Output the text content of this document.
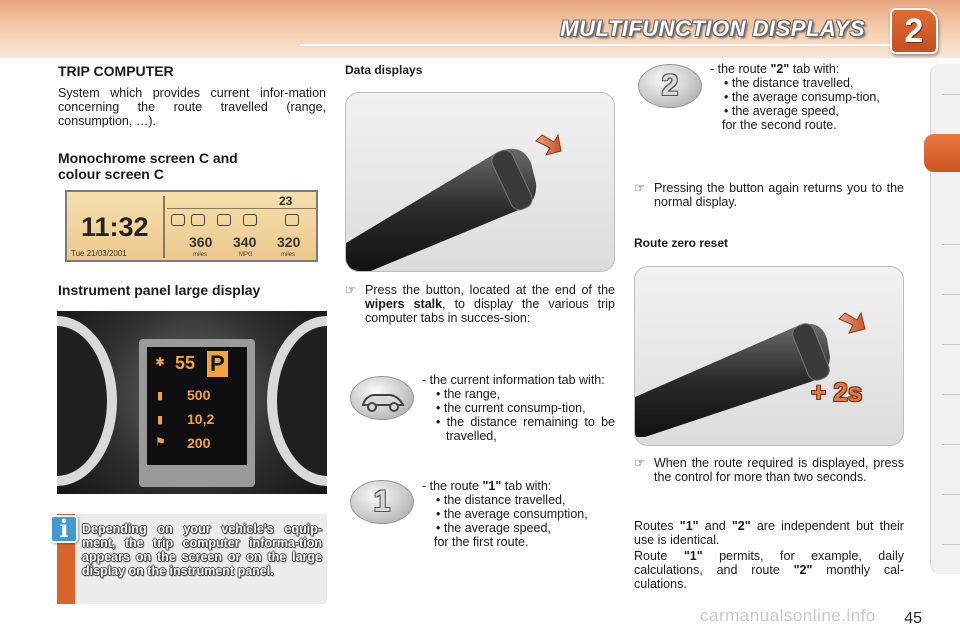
MULTIFUNCTION DISPLAYS	2
TRIP COMPUTER
System which provides current infor-mation concerning the route travelled (range, consumption, …).
Monochrome screen C and
colour screen C
11:32
Tue 21/03/2001
23
360 340 320
miles	MPG	miles
Instrument panel large display
55 P
500
10,2
200
✱
▮
▮
⚑
i	Depending on your vehicle's equip-ment, the trip computer informa-tion appears on the screen or on the large display on the instrument panel.
Data displays
☞ Press the button, located at the end of the wipers stalk, to display the various trip computer tabs in succes-sion:
- the current information tab with:
• the range,
• the current consump-tion,
• the distance remaining to be travelled,
1	- the route "1" tab with:
• the distance travelled,
• the average consumption,
• the average speed,
for the first route.
2	- the route "2" tab with:
• the distance travelled,
• the average consump-tion,
• the average speed,
for the second route.
☞ Pressing the button again returns you to the normal display.
Route zero reset
+ 2s
☞ When the route required is displayed, press the control for more than two seconds.
Routes "1" and "2" are independent but their use is identical.
Route "1" permits, for example, daily calculations, and route "2" monthly cal-culations.
carmanualsonline.info 45
